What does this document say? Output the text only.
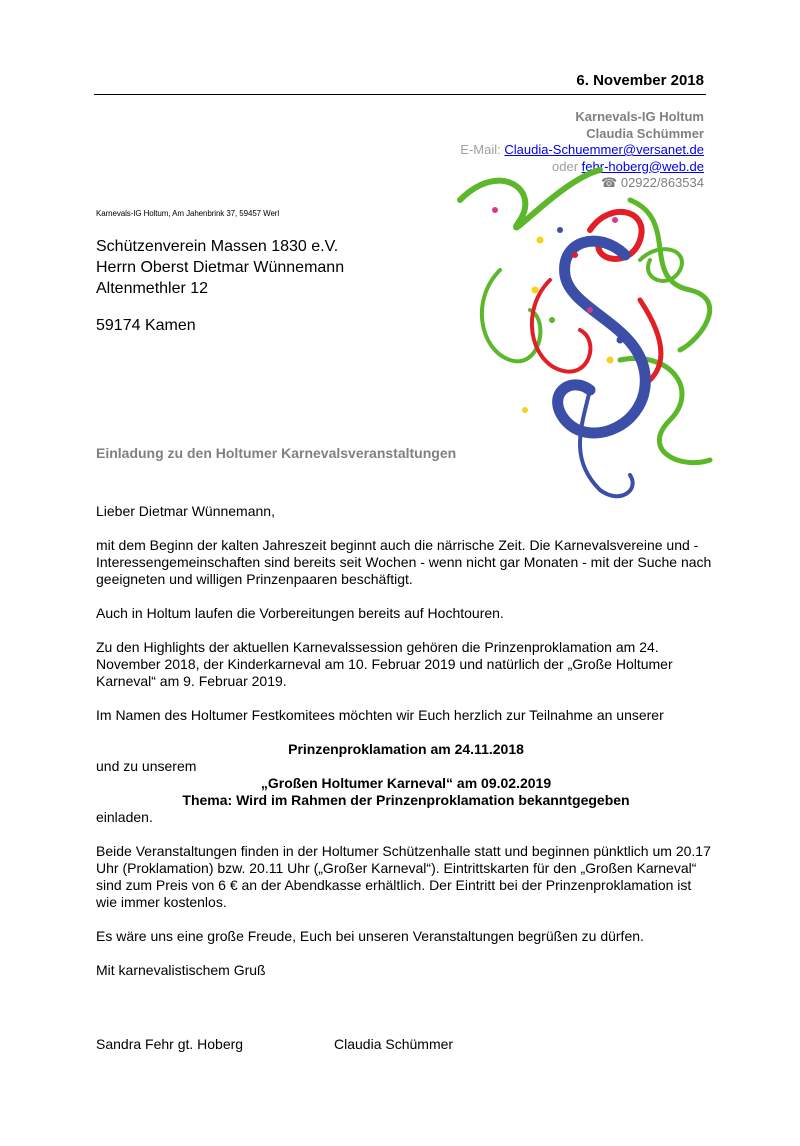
6. November 2018
Karnevals-IG Holtum
Claudia Schümmer
E-Mail: Claudia-Schuemmer@versanet.de
oder fehr-hoberg@web.de
☎ 02922/863534
Karnevals-IG Holtum, Am Jahenbrink 37, 59457 Werl
Schützenverein Massen 1830 e.V.
Herrn Oberst Dietmar Wünnemann
Altenmethler 12
59174 Kamen
Einladung zu den Holtumer Karnevalsveranstaltungen

Lieber Dietmar Wünnemann,

mit dem Beginn der kalten Jahreszeit beginnt auch die närrische Zeit. Die Karnevalsvereine und -Interessengemeinschaften sind bereits seit Wochen - wenn nicht gar Monaten - mit der Suche nach geeigneten und willigen Prinzenpaaren beschäftigt.

Auch in Holtum laufen die Vorbereitungen bereits auf Hochtouren.

Zu den Highlights der aktuellen Karnevalssession gehören die Prinzenproklamation am 24. November 2018, der Kinderkarneval am 10. Februar 2019 und natürlich der „Große Holtumer Karneval“ am 9. Februar 2019.

Im Namen des Holtumer Festkomitees möchten wir Euch herzlich zur Teilnahme an unserer

Prinzenproklamation am 24.11.2018

und zu unserem

„Großen Holtumer Karneval“ am 09.02.2019

Thema: Wird im Rahmen der Prinzenproklamation bekanntgegeben

einladen.

Beide Veranstaltungen finden in der Holtumer Schützenhalle statt und beginnen pünktlich um 20.17 Uhr (Proklamation) bzw. 20.11 Uhr („Großer Karneval“). Eintrittskarten für den „Großen Karneval“ sind zum Preis von 6 € an der Abendkasse erhältlich. Der Eintritt bei der Prinzenproklamation ist wie immer kostenlos.

Es wäre uns eine große Freude, Euch bei unseren Veranstaltungen begrüßen zu dürfen.

Mit karnevalistischem Gruß

Sandra Fehr gt. Hoberg	Claudia Schümmer
